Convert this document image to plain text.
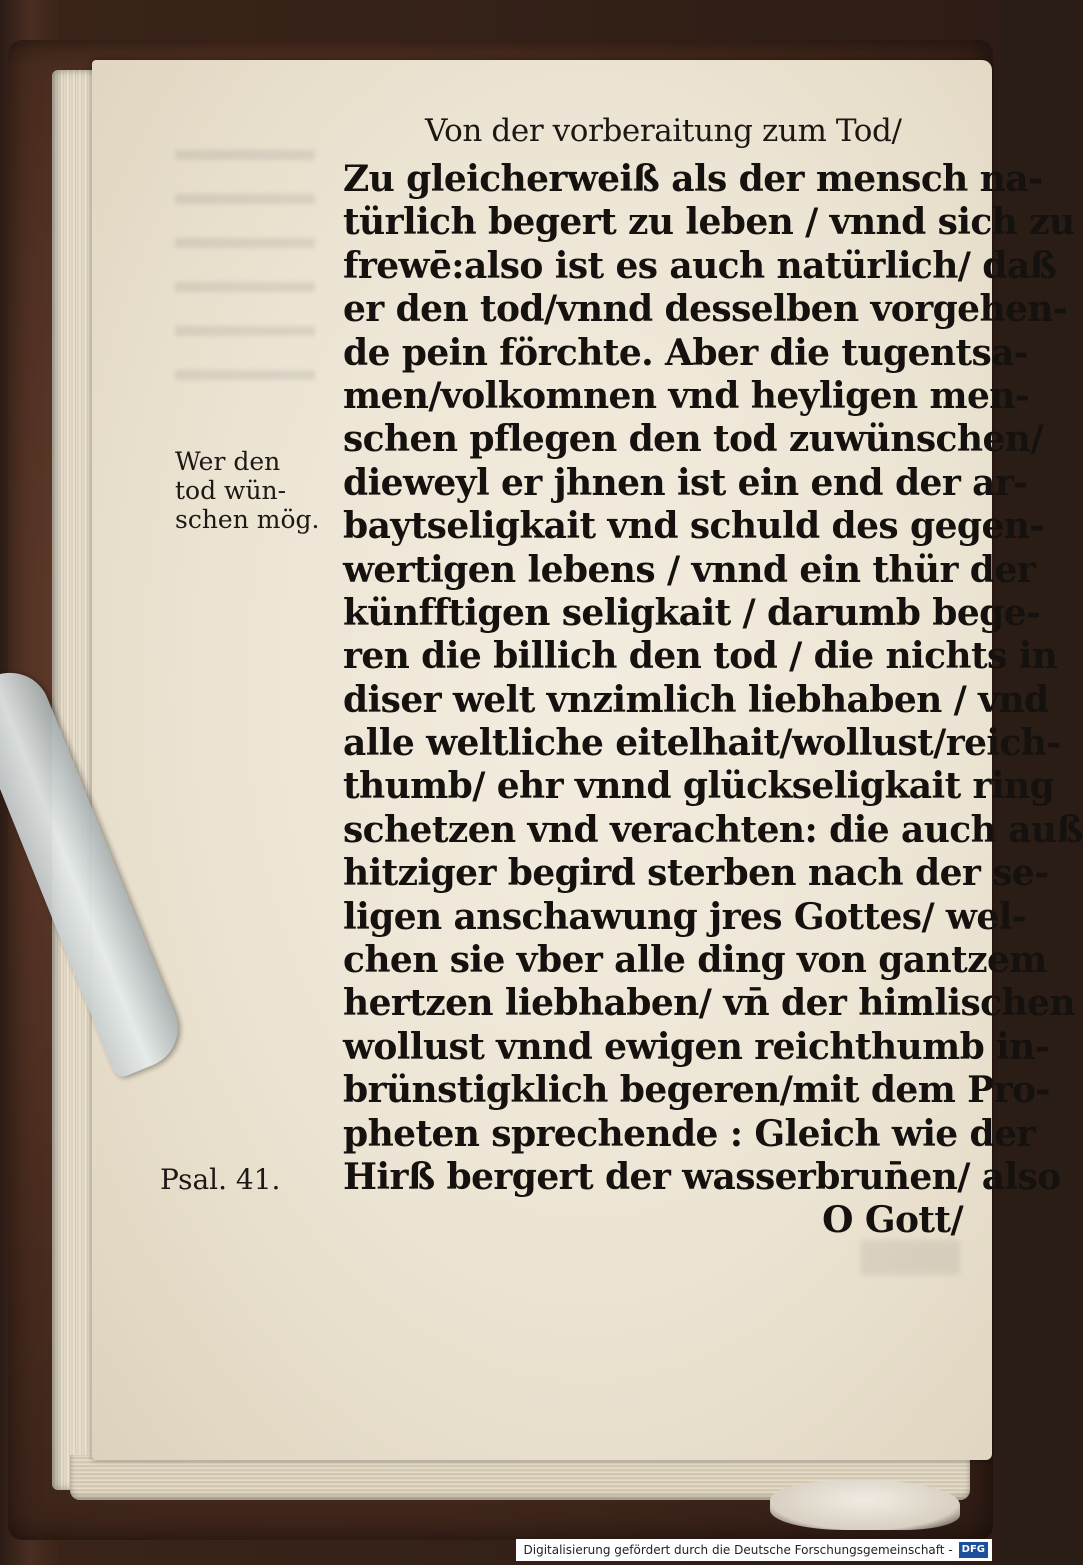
Von der vorberaitung zum Tod/
Wer den
tod wün-
schen mög.
Psal. 41.
Zu gleicherweiß als der mensch na-
türlich begert zu leben / vnnd sich zu
frewē:also ist es auch natürlich/ daß
er den tod/vnnd desselben vorgehen-
de pein förchte. Aber die tugentsa-
men/volkomnen vnd heyligen men-
schen pflegen den tod zuwünschen/
dieweyl er jhnen ist ein end der ar-
baytseligkait vnd schuld des gegen-
wertigen lebens / vnnd ein thür der
künfftigen seligkait / darumb bege-
ren die billich den tod / die nichts in
diser welt vnzimlich liebhaben / vnd
alle weltliche eitelhait/wollust/reich-
thumb/ ehr vnnd glückseligkait ring
schetzen vnd verachten: die auch auß
hitziger begird sterben nach der se-
ligen anschawung jres Gottes/ wel-
chen sie vber alle ding von gantzem
hertzen liebhaben/ vn̄ der himlischen
wollust vnnd ewigen reichthumb in-
brünstigklich begeren/mit dem Pro-
pheten sprechende : Gleich wie der
Hirß bergert der wasserbrun̄en/ also
O Gott/
Digitalisierung gefördert durch die Deutsche Forschungsgemeinschaft - DFG
